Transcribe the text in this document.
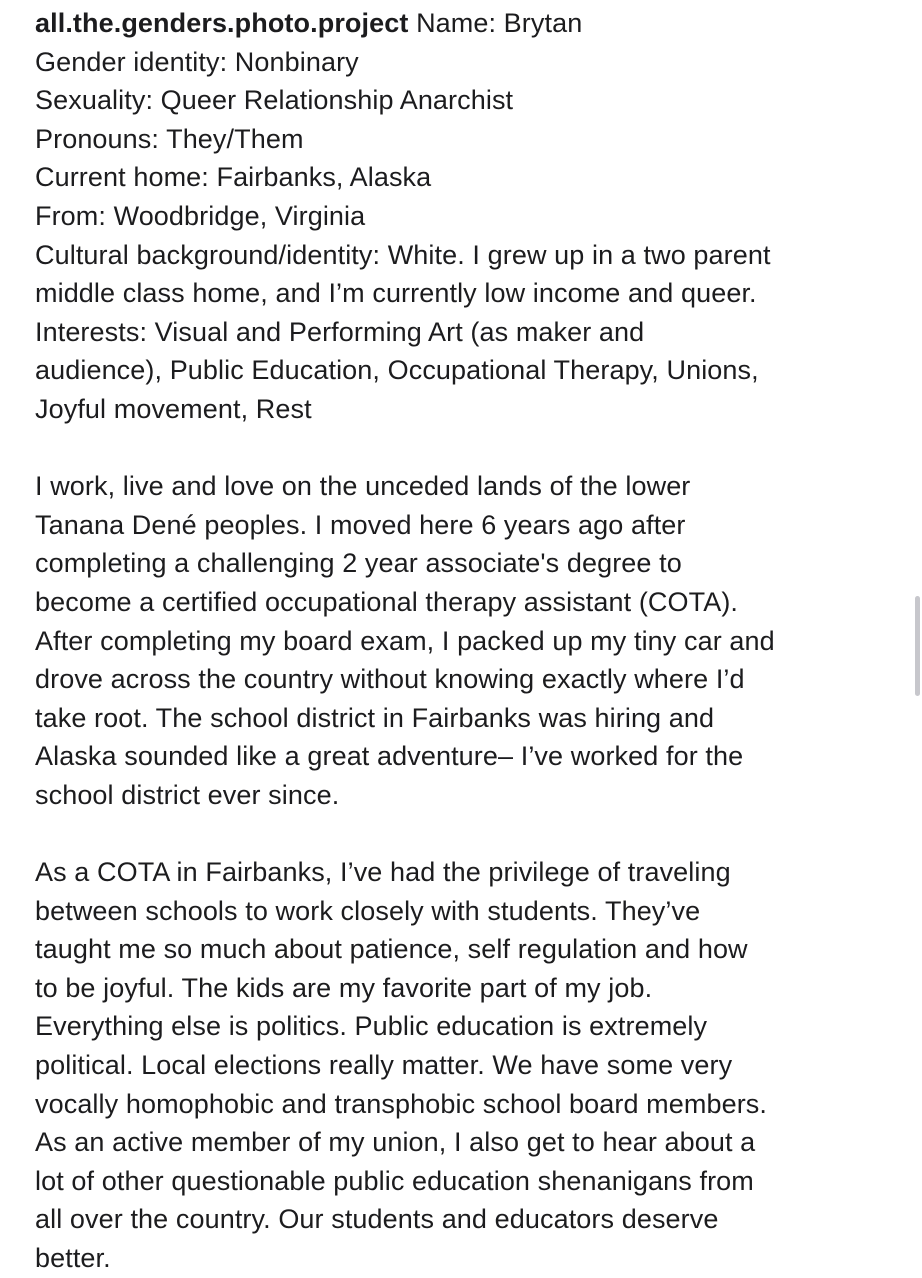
all.the.genders.photo.project Name: Brytan
Gender identity: Nonbinary
Sexuality: Queer Relationship Anarchist
Pronouns: They/Them
Current home: Fairbanks, Alaska
From: Woodbridge, Virginia
Cultural background/identity: White. I grew up in a two parent
middle class home, and I’m currently low income and queer.
Interests: Visual and Performing Art (as maker and
audience), Public Education, Occupational Therapy, Unions,
Joyful movement, Rest
I work, live and love on the unceded lands of the lower
Tanana Dené peoples. I moved here 6 years ago after
completing a challenging 2 year associate's degree to
become a certified occupational therapy assistant (COTA).
After completing my board exam, I packed up my tiny car and
drove across the country without knowing exactly where I’d
take root. The school district in Fairbanks was hiring and
Alaska sounded like a great adventure– I’ve worked for the
school district ever since.
As a COTA in Fairbanks, I’ve had the privilege of traveling
between schools to work closely with students. They’ve
taught me so much about patience, self regulation and how
to be joyful. The kids are my favorite part of my job.
Everything else is politics. Public education is extremely
political. Local elections really matter. We have some very
vocally homophobic and transphobic school board members.
As an active member of my union, I also get to hear about a
lot of other questionable public education shenanigans from
all over the country. Our students and educators deserve
better.
